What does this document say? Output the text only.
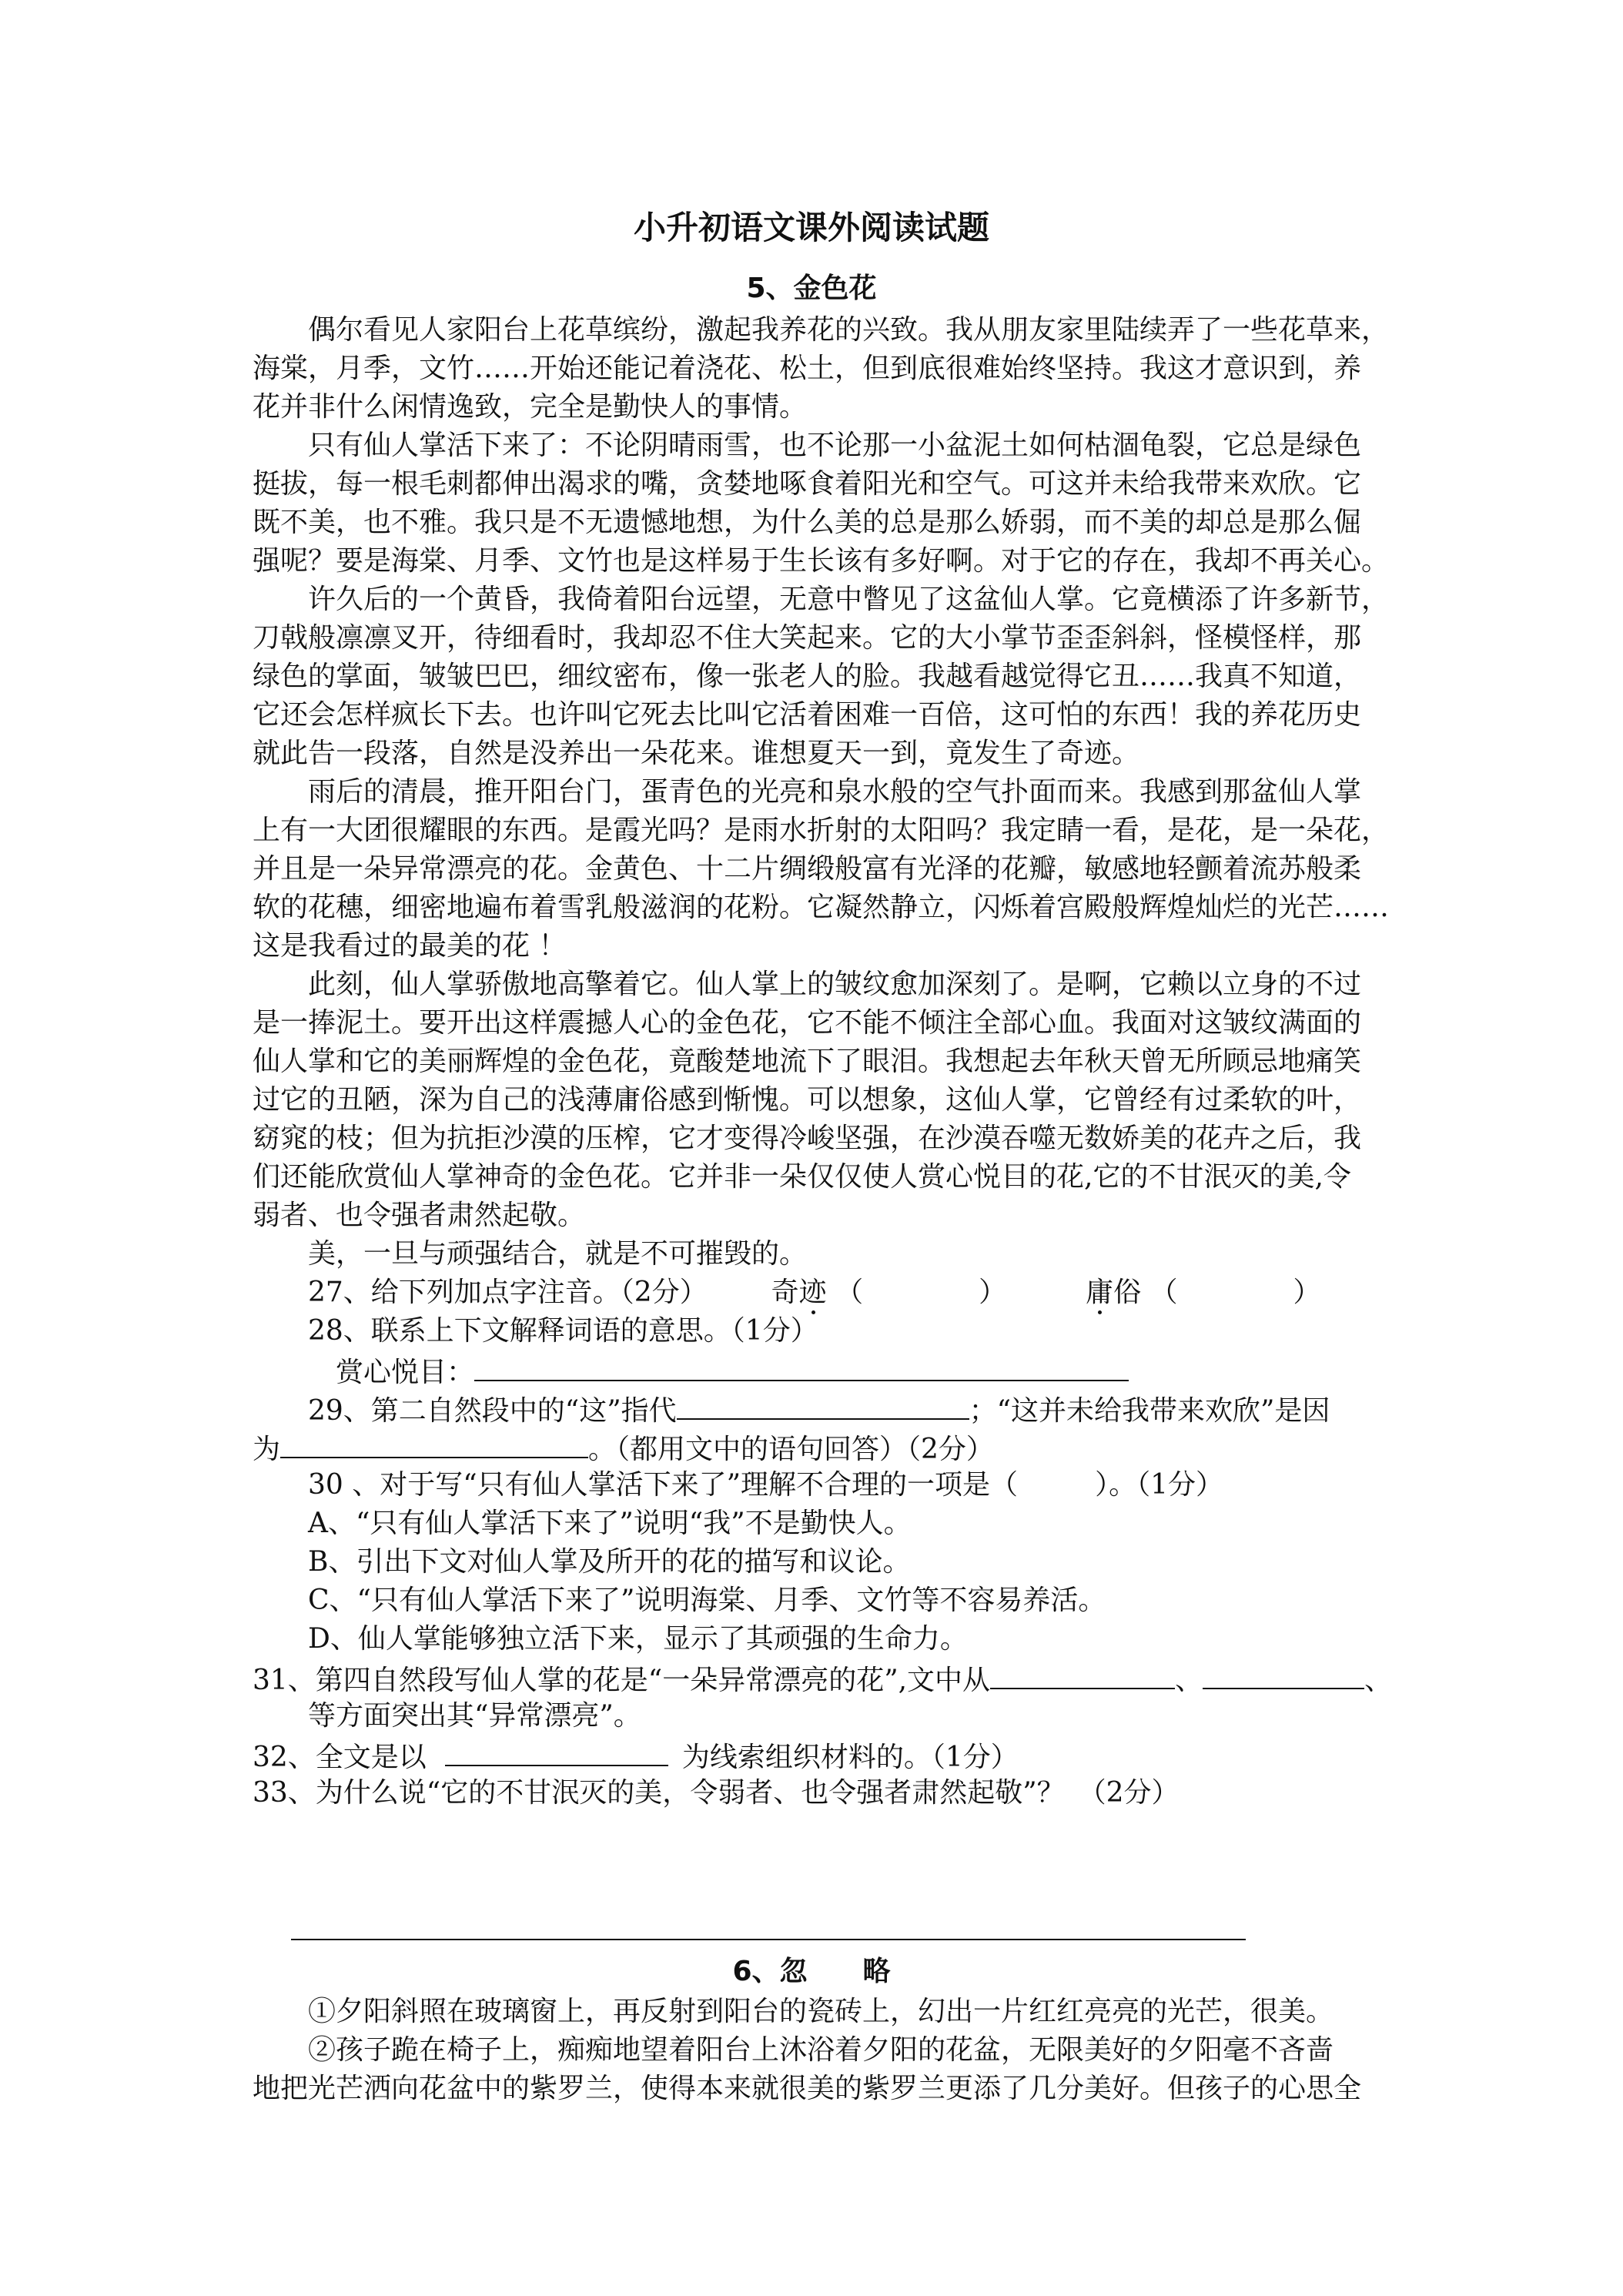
小升初语文课外阅读试题
5、金色花
偶尔看见人家阳台上花草缤纷，激起我养花的兴致。我从朋友家里陆续弄了一些花草来，
海棠，月季，文竹……开始还能记着浇花、松土，但到底很难始终坚持。我这才意识到，养
花并非什么闲情逸致，完全是勤快人的事情。
只有仙人掌活下来了：不论阴晴雨雪，也不论那一小盆泥土如何枯涸龟裂，它总是绿色
挺拔，每一根毛刺都伸出渴求的嘴，贪婪地啄食着阳光和空气。可这并未给我带来欢欣。它
既不美，也不雅。我只是不无遗憾地想，为什么美的总是那么娇弱，而不美的却总是那么倔
强呢？要是海棠、月季、文竹也是这样易于生长该有多好啊。对于它的存在，我却不再关心。
许久后的一个黄昏，我倚着阳台远望，无意中瞥见了这盆仙人掌。它竟横添了许多新节，
刀戟般凛凛叉开，待细看时，我却忍不住大笑起来。它的大小掌节歪歪斜斜，怪模怪样，那
绿色的掌面，皱皱巴巴，细纹密布，像一张老人的脸。我越看越觉得它丑……我真不知道，
它还会怎样疯长下去。也许叫它死去比叫它活着困难一百倍，这可怕的东西！我的养花历史
就此告一段落，自然是没养出一朵花来。谁想夏天一到，竟发生了奇迹。
雨后的清晨，推开阳台门，蛋青色的光亮和泉水般的空气扑面而来。我感到那盆仙人掌
上有一大团很耀眼的东西。是霞光吗？是雨水折射的太阳吗？我定睛一看，是花，是一朵花，
并且是一朵异常漂亮的花。金黄色、十二片绸缎般富有光泽的花瓣，敏感地轻颤着流苏般柔
软的花穗，细密地遍布着雪乳般滋润的花粉。它凝然静立，闪烁着宫殿般辉煌灿烂的光芒……
这是我看过的最美的花 ！
此刻，仙人掌骄傲地高擎着它。仙人掌上的皱纹愈加深刻了。是啊，它赖以立身的不过
是一捧泥土。要开出这样震撼人心的金色花，它不能不倾注全部心血。我面对这皱纹满面的
仙人掌和它的美丽辉煌的金色花，竟酸楚地流下了眼泪。我想起去年秋天曾无所顾忌地痛笑
过它的丑陋，深为自己的浅薄庸俗感到惭愧。可以想象，这仙人掌，它曾经有过柔软的叶，
窈窕的枝；但为抗拒沙漠的压榨，它才变得冷峻坚强，在沙漠吞噬无数娇美的花卉之后，我
们还能欣赏仙人掌神奇的金色花。它并非一朵仅仅使人赏心悦目的花,它的不甘泯灭的美,令
弱者、也令强者肃然起敬。
美，一旦与顽强结合，就是不可摧毁的。
27、给下列加点字注音。（2分） 奇迹 （	）	庸俗 （	）
28、联系上下文解释词语的意思。（1分）
赏心悦目：
29、第二自然段中的“这”指代	；“这并未给我带来欢欣”是因
为	。（都用文中的语句回答）（2分）
30 、对于写“只有仙人掌活下来了”理解不合理的一项是（	）。（1分）
A、“只有仙人掌活下来了”说明“我”不是勤快人。
B、引出下文对仙人掌及所开的花的描写和议论。
C、“只有仙人掌活下来了”说明海棠、月季、文竹等不容易养活。
D、仙人掌能够独立活下来，显示了其顽强的生命力。
31、第四自然段写仙人掌的花是“一朵异常漂亮的花”,文中从	、	、
等方面突出其“异常漂亮”。
32、全文是以	为线索组织材料的。（1分）
33、为什么说“它的不甘泯灭的美，令弱者、也令强者肃然起敬”？　（2分）
6、忽　　略
①夕阳斜照在玻璃窗上，再反射到阳台的瓷砖上，幻出一片红红亮亮的光芒，很美。
②孩子跪在椅子上，痴痴地望着阳台上沐浴着夕阳的花盆，无限美好的夕阳毫不吝啬
地把光芒洒向花盆中的紫罗兰，使得本来就很美的紫罗兰更添了几分美好。但孩子的心思全
